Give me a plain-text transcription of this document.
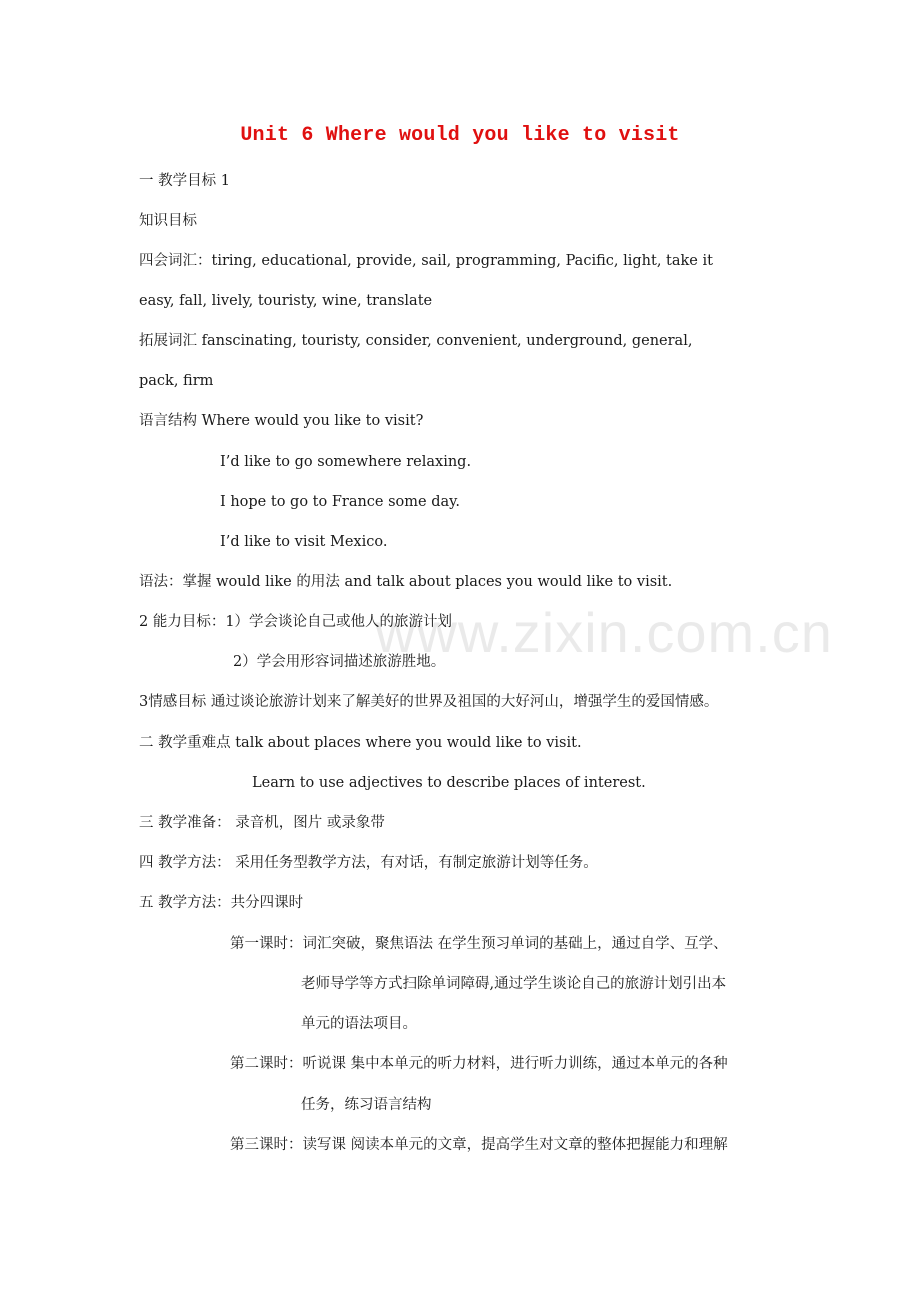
www.zixin.com.cn
Unit 6 Where would you like to visit
一 教学目标 1
知识目标
四会词汇：tiring, educational, provide, sail, programming, Pacific, light, take it
easy, fall, lively, touristy, wine, translate
拓展词汇 fanscinating, touristy, consider, convenient, underground, general,
pack, firm
语言结构 Where would you like to visit?
I’d like to go somewhere relaxing.
I hope to go to France some day.
I’d like to visit Mexico.
语法：掌握 would like 的用法 and talk about places you would like to visit.
2 能力目标：1）学会谈论自己或他人的旅游计划
2）学会用形容词描述旅游胜地。
3情感目标 通过谈论旅游计划来了解美好的世界及祖国的大好河山，增强学生的爱国情感。
二 教学重难点 talk about places where you would like to visit.
Learn to use adjectives to describe places of interest.
三 教学准备： 录音机，图片 或录象带
四 教学方法： 采用任务型教学方法，有对话，有制定旅游计划等任务。
五 教学方法：共分四课时
第一课时：词汇突破，聚焦语法 在学生预习单词的基础上，通过自学、互学、
老师导学等方式扫除单词障碍,通过学生谈论自己的旅游计划引出本
单元的语法项目。
第二课时：听说课 集中本单元的听力材料，进行听力训练，通过本单元的各种
任务，练习语言结构
第三课时：读写课 阅读本单元的文章，提高学生对文章的整体把握能力和理解
